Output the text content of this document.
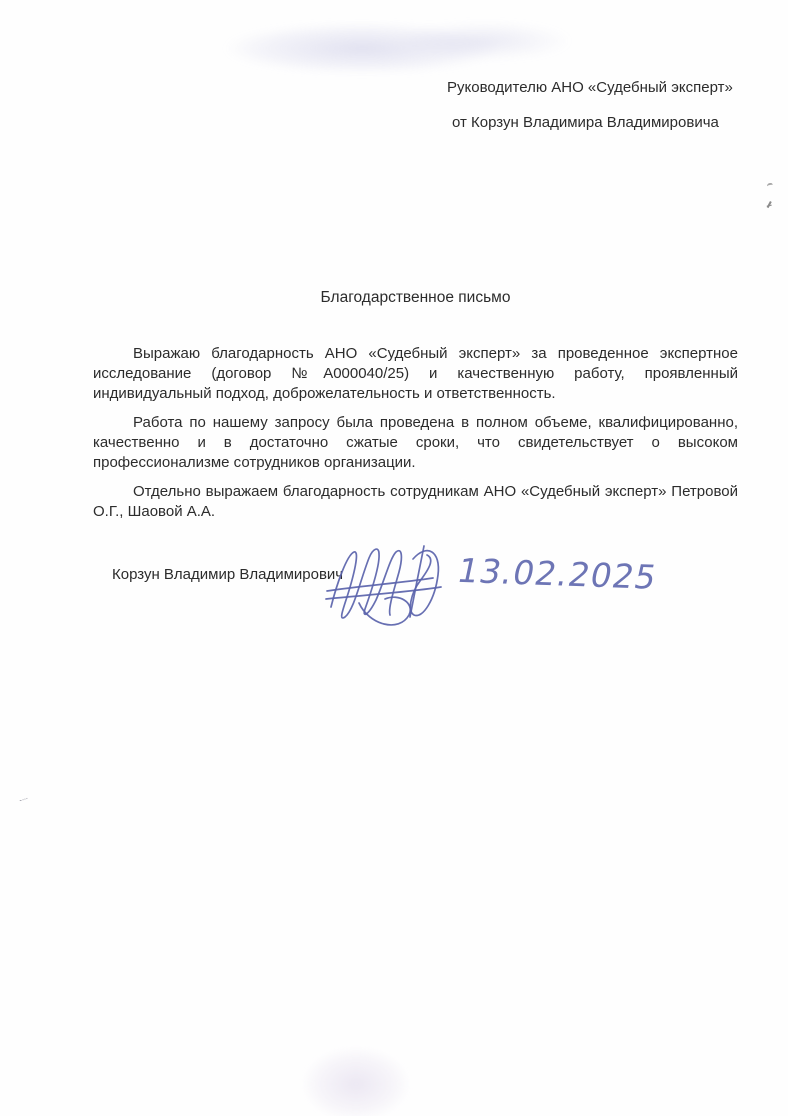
Руководителю АНО «Судебный эксперт»
от Корзун Владимира Владимировича
Благодарственное письмо

Выражаю благодарность АНО «Судебный эксперт» за проведенное экспертное исследование (договор №А000040/25) и качественную работу, проявленный индивидуальный подход, доброжелательность и ответственность.

Работа по нашему запросу была проведена в полном объеме, квалифицированно, качественно и в достаточно сжатые сроки, что свидетельствует о высоком профессионализме сотрудников организации.

Отдельно выражаем благодарность сотрудникам АНО «Судебный эксперт» Петровой О.Г., Шаовой А.А.

Корзун Владимир Владимирович	13.02.2025
